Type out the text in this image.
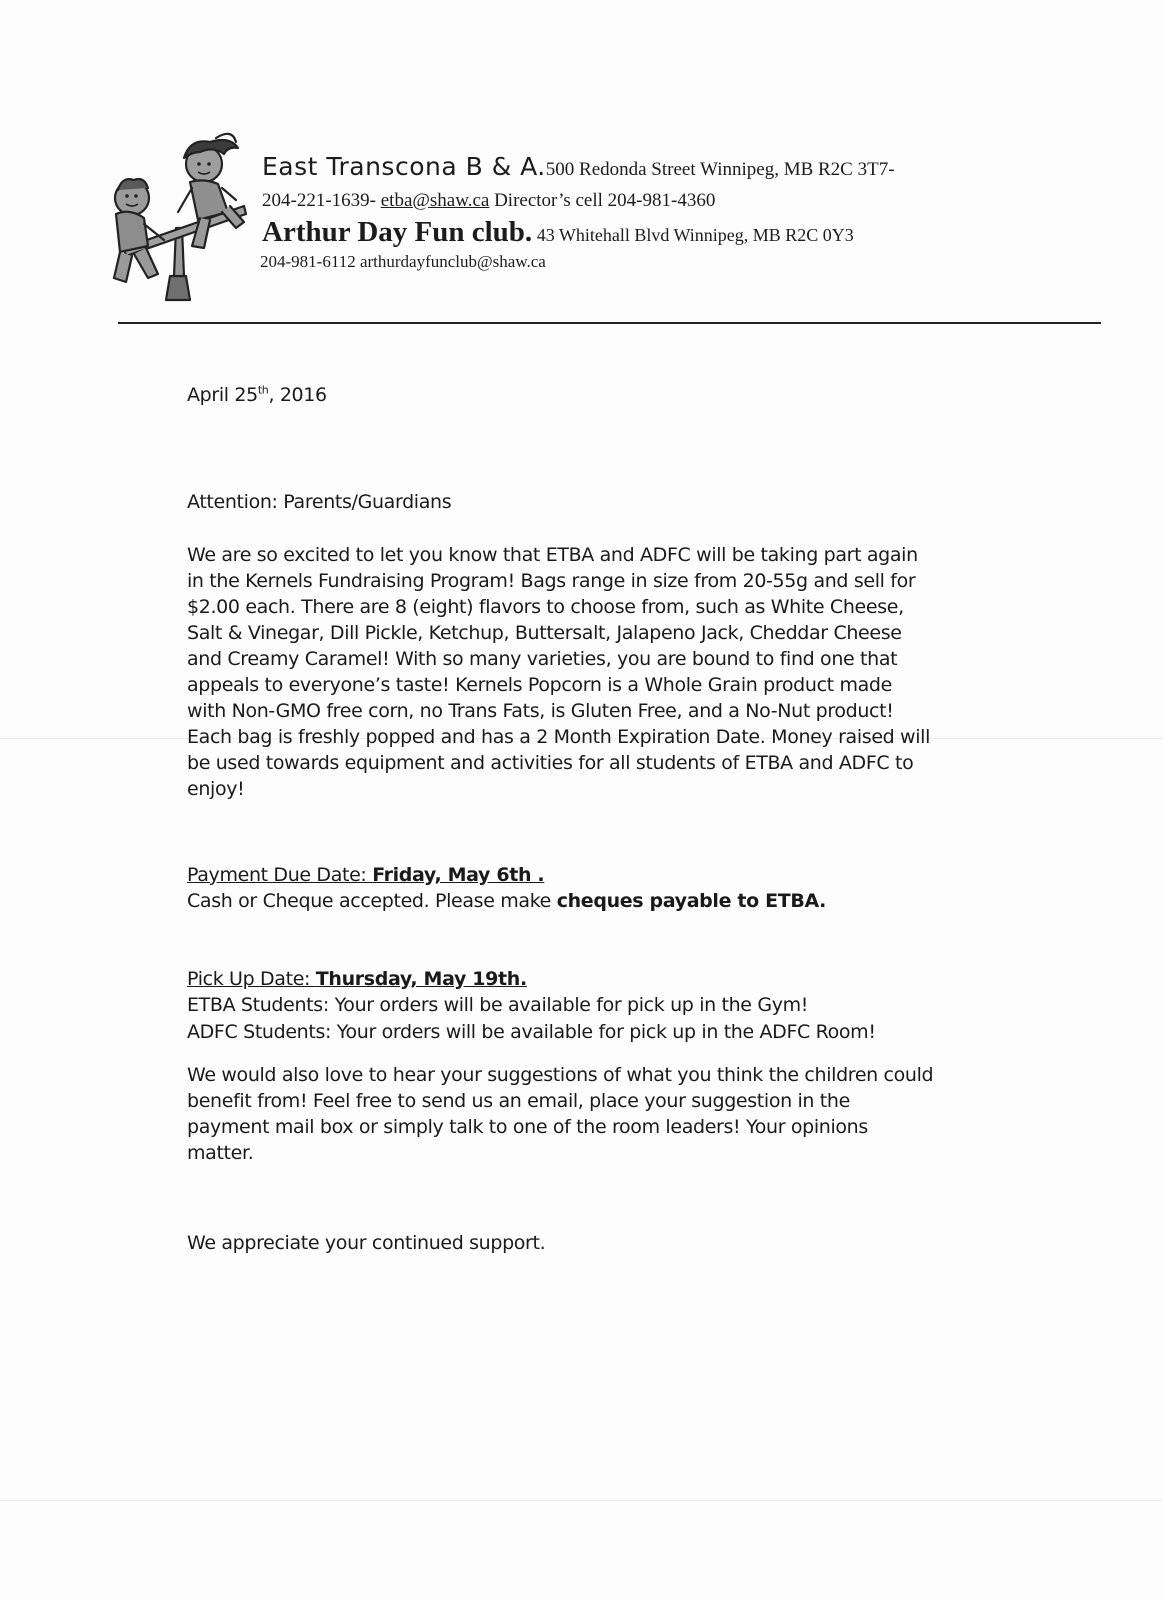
East Transcona B & A.500 Redonda Street Winnipeg, MB R2C 3T7-
204-221-1639- etba@shaw.ca Director’s cell 204-981-4360
Arthur Day Fun club. 43 Whitehall Blvd Winnipeg, MB R2C 0Y3
204-981-6112 arthurdayfunclub@shaw.ca
April 25th, 2016
Attention: Parents/Guardians
We are so excited to let you know that ETBA and ADFC will be taking part again
in the Kernels Fundraising Program! Bags range in size from 20-55g and sell for
$2.00 each. There are 8 (eight) flavors to choose from, such as White Cheese,
Salt & Vinegar, Dill Pickle, Ketchup, Buttersalt, Jalapeno Jack, Cheddar Cheese
and Creamy Caramel! With so many varieties, you are bound to find one that
appeals to everyone’s taste! Kernels Popcorn is a Whole Grain product made
with Non-GMO free corn, no Trans Fats, is Gluten Free, and a No-Nut product!
Each bag is freshly popped and has a 2 Month Expiration Date. Money raised will
be used towards equipment and activities for all students of ETBA and ADFC to
enjoy!
Payment Due Date: Friday, May 6th .
Cash or Cheque accepted. Please make cheques payable to ETBA.
Pick Up Date: Thursday, May 19th.
ETBA Students: Your orders will be available for pick up in the Gym!
ADFC Students: Your orders will be available for pick up in the ADFC Room!
We would also love to hear your suggestions of what you think the children could
benefit from! Feel free to send us an email, place your suggestion in the
payment mail box or simply talk to one of the room leaders! Your opinions
matter.
We appreciate your continued support.
